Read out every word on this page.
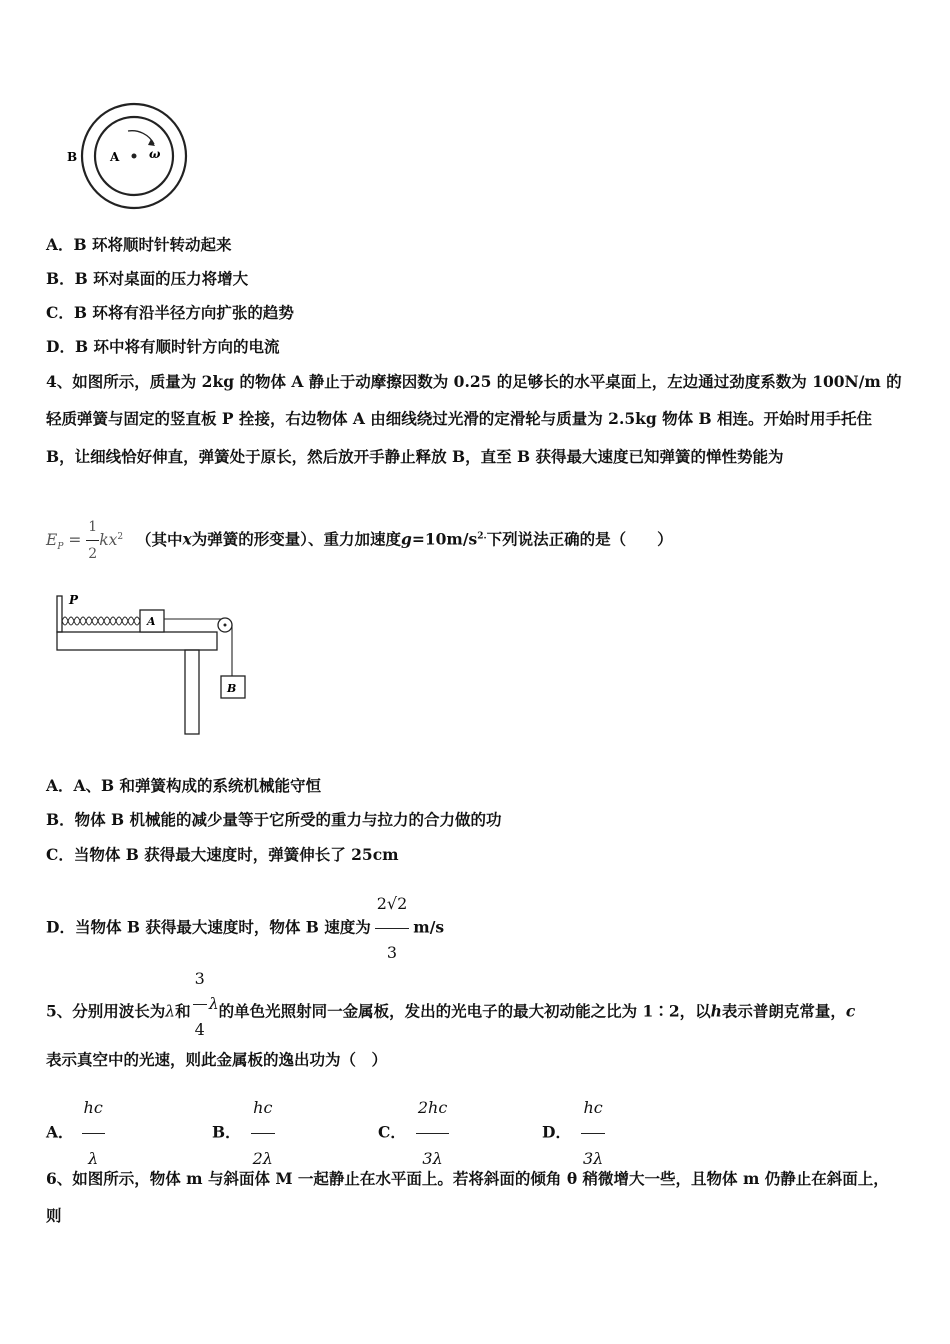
B	A ω
A．B 环将顺时针转动起来
B．B 环对桌面的压力将增大
C．B 环将有沿半径方向扩张的趋势
D．B 环中将有顺时针方向的电流
4、如图所示，质量为 2kg 的物体 A 静止于动摩擦因数为 0.25 的足够长的水平桌面上，左边通过劲度系数为 100N/m 的
轻质弹簧与固定的竖直板 P 拴接，右边物体 A 由细线绕过光滑的定滑轮与质量为 2.5kg 物体 B 相连。开始时用手托住
B，让细线恰好伸直，弹簧处于原长，然后放开手静止释放 B，直至 B 获得最大速度已知弹簧的惮性势能为
$E_P = \frac{1}{2} kx^2$ （其中x为弹簧的形变量）、重力加速度$g=10m/s^{2.}$下列说法正确的是（　　）
P
A
B
A．A、B 和弹簧构成的系统机械能守恒
B．物体 B 机械能的减少量等于它所受的重力与拉力的合力做的功
C．当物体 B 获得最大速度时，弹簧伸长了 25cm
D．当物体 B 获得最大速度时，物体 B 速度为 $\frac{2√2}{3} m/s$
5、分别用波长为λ和 $\frac{3}{4}$ λ的单色光照射同一金属板，发出的光电子的最大初动能之比为 1∶2，以h表示普朗克常量，c
表示真空中的光速，则此金属板的逸出功为（　）
A． $\frac{hc}{\lambda}$	B． $\frac{hc}{2\lambda}$	C． $\frac{2hc}{3\lambda}$	D． $\frac{hc}{3\lambda}$
6、如图所示，物体 m 与斜面体 M 一起静止在水平面上。若将斜面的倾角 θ 稍微增大一些，且物体 m 仍静止在斜面上，
则
